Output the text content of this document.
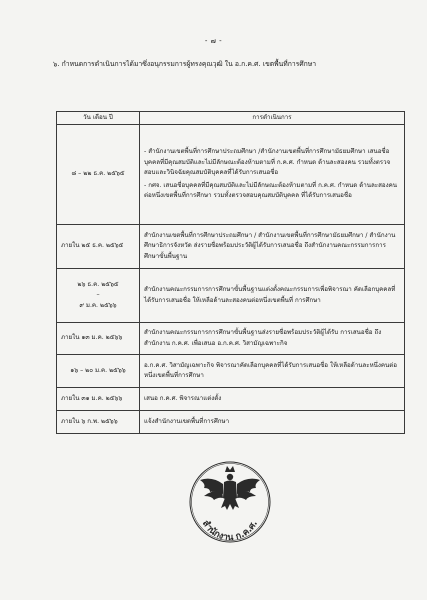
- ๗ -
๖. กำหนดการดำเนินการได้มาซึ่งอนุกรรมการผู้ทรงคุณวุฒิ ใน อ.ก.ค.ศ. เขตพื้นที่การศึกษา
วัน เดือน ปี	การดำเนินการ
๘ – ๒๒ ธ.ค. ๒๕๖๕	- สำนักงานเขตพื้นที่การศึกษาประถมศึกษา /สำนักงานเขตพื้นที่การศึกษามัธยมศึกษา เสนอชื่อบุคคลที่มีคุณสมบัติและไม่มีลักษณะต้องห้ามตามที่ ก.ค.ศ. กำหนด ด้านละสองคน รวมทั้งตรวจสอบและวินิจฉัยคุณสมบัติบุคคลที่ได้รับการเสนอชื่อ

- กศจ. เสนอชื่อบุคคลที่มีคุณสมบัติและไม่มีลักษณะต้องห้ามตามที่ ก.ค.ศ. กำหนด ด้านละสองคนต่อหนึ่งเขตพื้นที่การศึกษา รวมทั้งตรวจสอบคุณสมบัติบุคคล ที่ได้รับการเสนอชื่อ

ภายใน ๒๕ ธ.ค. ๒๕๖๕	สำนักงานเขตพื้นที่การศึกษาประถมศึกษา / สำนักงานเขตพื้นที่การศึกษามัธยมศึกษา / สำนักงานศึกษาธิการจังหวัด ส่งรายชื่อพร้อมประวัติผู้ได้รับการเสนอชื่อ ถึงสำนักงานคณะกรรมการการศึกษาขั้นพื้นฐาน

๒๖ ธ.ค. ๒๕๖๕
–
๙ ม.ค. ๒๕๖๖	สำนักงานคณะกรรมการการศึกษาขั้นพื้นฐานแต่งตั้งคณะกรรมการเพื่อพิจารณา คัดเลือกบุคคลที่ได้รับการเสนอชื่อ ให้เหลือด้านละสองคนต่อหนึ่งเขตพื้นที่ การศึกษา

ภายใน ๑๓ ม.ค. ๒๕๖๖	สำนักงานคณะกรรมการการศึกษาขั้นพื้นฐานส่งรายชื่อพร้อมประวัติผู้ได้รับ การเสนอชื่อ ถึงสำนักงาน ก.ค.ศ. เพื่อเสนอ อ.ก.ค.ศ. วิสามัญเฉพาะกิจ

๑๖ – ๒๐ ม.ค. ๒๕๖๖	อ.ก.ค.ศ. วิสามัญเฉพาะกิจ พิจารณาคัดเลือกบุคคลที่ได้รับการเสนอชื่อ ให้เหลือด้านละหนึ่งคนต่อหนึ่งเขตพื้นที่การศึกษา

ภายใน ๓๑ ม.ค. ๒๕๖๖	เสนอ ก.ค.ศ. พิจารณาแต่งตั้ง

ภายใน ๖ ก.พ. ๒๕๖๖	แจ้งสำนักงานเขตพื้นที่การศึกษา

สำนักงาน ก.ค.ศ.
